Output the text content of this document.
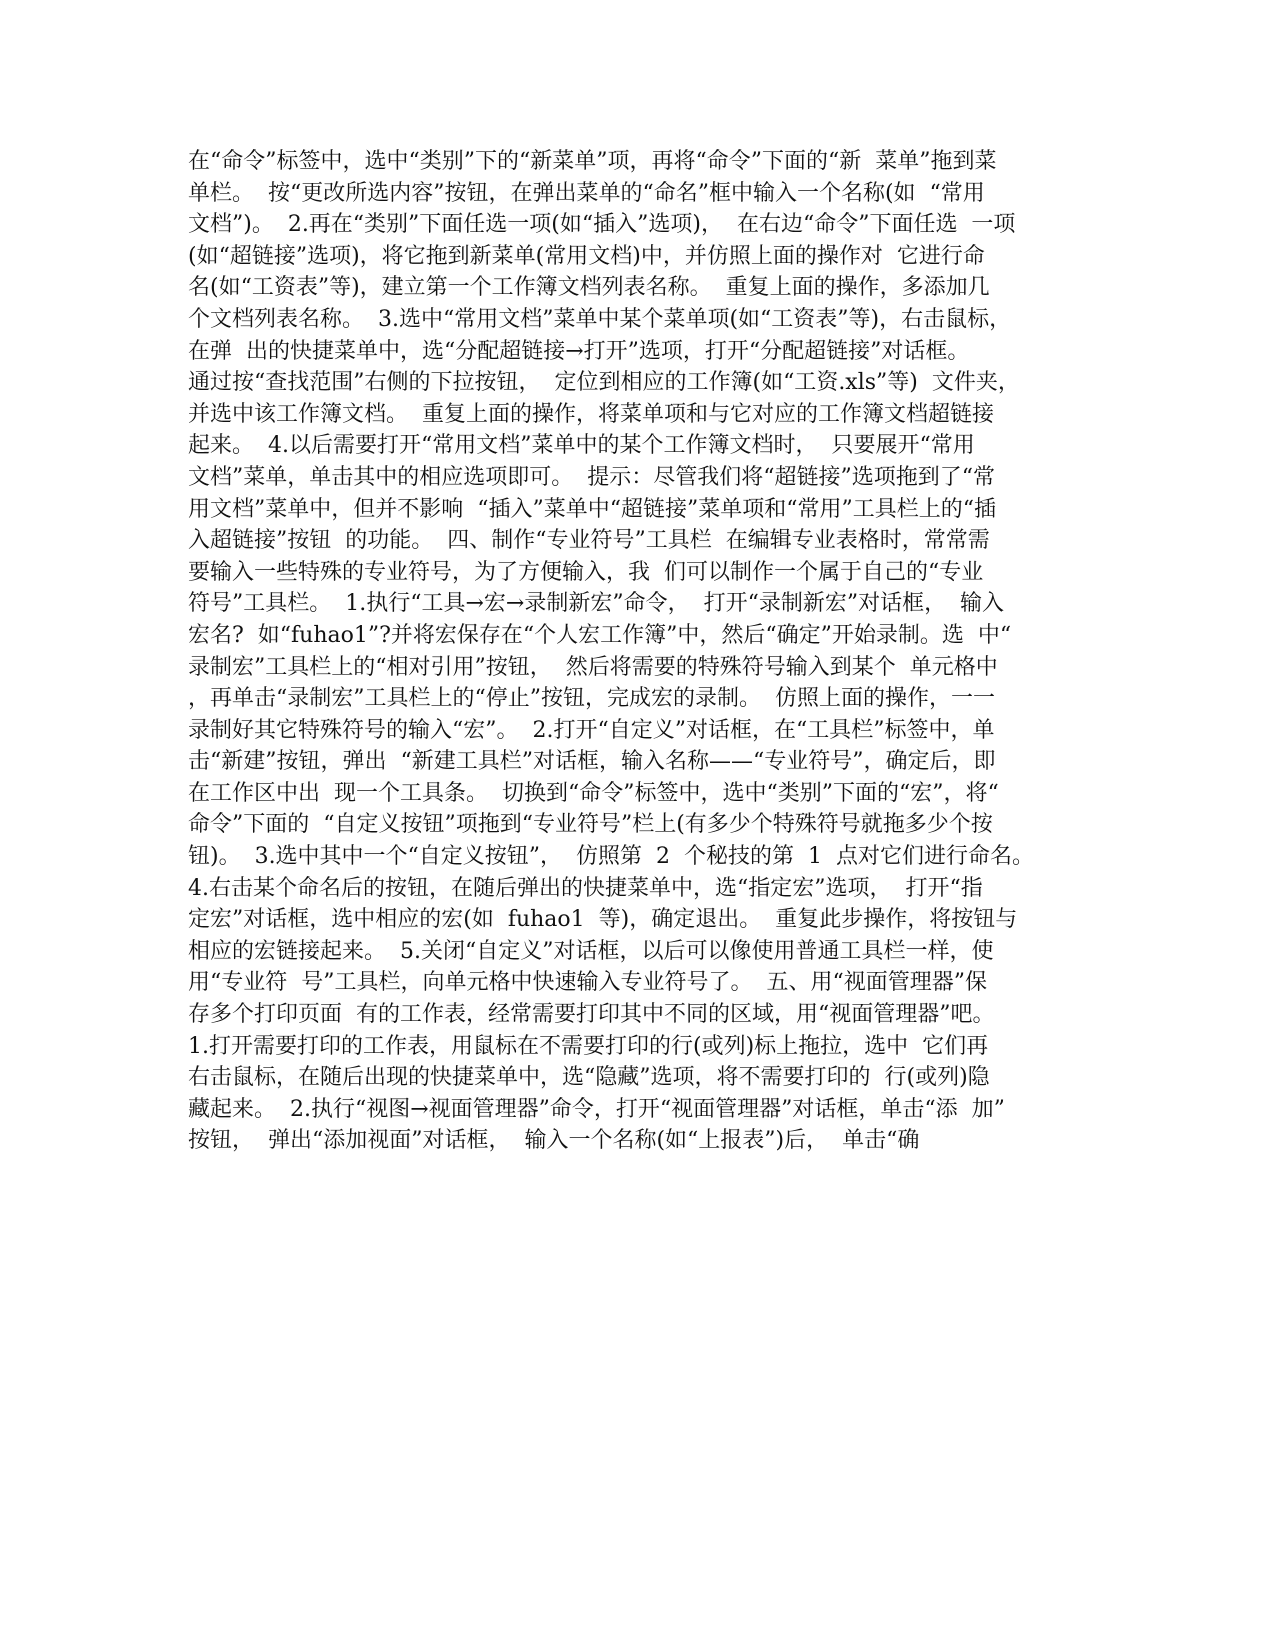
在“命令”标签中，选中“类别”下的“新菜单”项，再将“命令”下面的“新  菜单”拖到菜
单栏。  按“更改所选内容”按钮，在弹出菜单的“命名”框中输入一个名称(如  “常用
文档”)。  2.再在“类别”下面任选一项(如“插入”选项)，  在右边“命令”下面任选  一项
(如“超链接”选项)，将它拖到新菜单(常用文档)中，并仿照上面的操作对  它进行命
名(如“工资表”等)，建立第一个工作簿文档列表名称。  重复上面的操作，多添加几
个文档列表名称。  3.选中“常用文档”菜单中某个菜单项(如“工资表”等)，右击鼠标，
在弹  出的快捷菜单中，选“分配超链接→打开”选项，打开“分配超链接”对话框。
通过按“查找范围”右侧的下拉按钮，  定位到相应的工作簿(如“工资.xls”等)  文件夹，
并选中该工作簿文档。  重复上面的操作，将菜单项和与它对应的工作簿文档超链接
起来。  4.以后需要打开“常用文档”菜单中的某个工作簿文档时，  只要展开“常用
文档”菜单，单击其中的相应选项即可。  提示：尽管我们将“超链接”选项拖到了“常
用文档”菜单中，但并不影响  “插入”菜单中“超链接”菜单项和“常用”工具栏上的“插
入超链接”按钮  的功能。  四、制作“专业符号”工具栏  在编辑专业表格时，常常需
要输入一些特殊的专业符号，为了方便输入，我  们可以制作一个属于自己的“专业
符号”工具栏。  1.执行“工具→宏→录制新宏”命令，  打开“录制新宏”对话框，  输入
宏名?  如“fuhao1”?并将宏保存在“个人宏工作簿”中，然后“确定”开始录制。选  中“
录制宏”工具栏上的“相对引用”按钮，  然后将需要的特殊符号输入到某个  单元格中
，再单击“录制宏”工具栏上的“停止”按钮，完成宏的录制。  仿照上面的操作，一一
录制好其它特殊符号的输入“宏”。  2.打开“自定义”对话框，在“工具栏”标签中，单
击“新建”按钮，弹出  “新建工具栏”对话框，输入名称——“专业符号”，确定后，即
在工作区中出  现一个工具条。  切换到“命令”标签中，选中“类别”下面的“宏”，将“
命令”下面的  “自定义按钮”项拖到“专业符号”栏上(有多少个特殊符号就拖多少个按
钮)。  3.选中其中一个“自定义按钮”，  仿照第  2  个秘技的第  1  点对它们进行命名。
4.右击某个命名后的按钮，在随后弹出的快捷菜单中，选“指定宏”选项，  打开“指
定宏”对话框，选中相应的宏(如  fuhao1  等)，确定退出。  重复此步操作，将按钮与
相应的宏链接起来。  5.关闭“自定义”对话框，以后可以像使用普通工具栏一样，使
用“专业符  号”工具栏，向单元格中快速输入专业符号了。  五、用“视面管理器”保
存多个打印页面  有的工作表，经常需要打印其中不同的区域，用“视面管理器”吧。
1.打开需要打印的工作表，用鼠标在不需要打印的行(或列)标上拖拉，选中  它们再
右击鼠标，在随后出现的快捷菜单中，选“隐藏”选项，将不需要打印的  行(或列)隐
藏起来。  2.执行“视图→视面管理器”命令，打开“视面管理器”对话框，单击“添  加”
按钮，  弹出“添加视面”对话框，  输入一个名称(如“上报表”)后，  单击“确
